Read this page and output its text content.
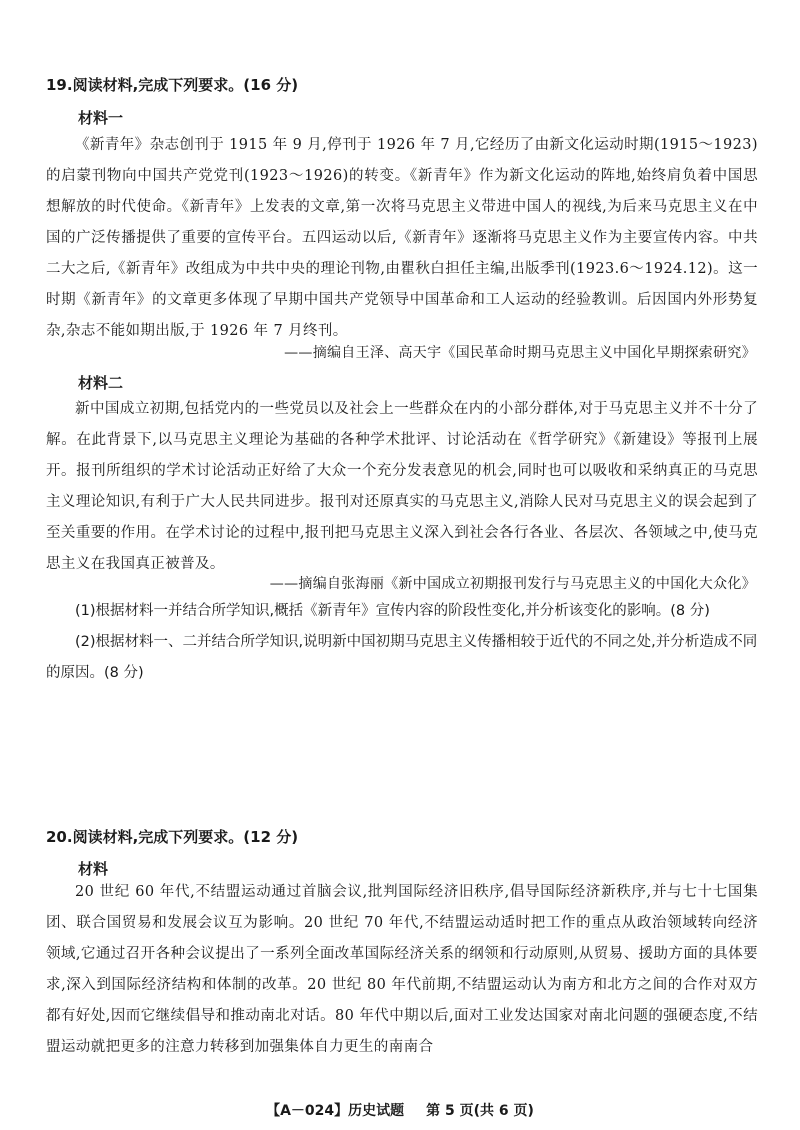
19.阅读材料,完成下列要求。(16 分)
材料一
《新青年》杂志创刊于 1915 年 9 月,停刊于 1926 年 7 月,它经历了由新文化运动时期(1915～1923)的启蒙刊物向中国共产党党刊(1923～1926)的转变。《新青年》作为新文化运动的阵地,始终肩负着中国思想解放的时代使命。《新青年》上发表的文章,第一次将马克思主义带进中国人的视线,为后来马克思主义在中国的广泛传播提供了重要的宣传平台。五四运动以后,《新青年》逐渐将马克思主义作为主要宣传内容。中共二大之后,《新青年》改组成为中共中央的理论刊物,由瞿秋白担任主编,出版季刊(1923.6～1924.12)。这一时期《新青年》的文章更多体现了早期中国共产党领导中国革命和工人运动的经验教训。后因国内外形势复杂,杂志不能如期出版,于 1926 年 7 月终刊。
——摘编自王泽、高天宇《国民革命时期马克思主义中国化早期探索研究》
材料二
新中国成立初期,包括党内的一些党员以及社会上一些群众在内的小部分群体,对于马克思主义并不十分了解。在此背景下,以马克思主义理论为基础的各种学术批评、讨论活动在《哲学研究》《新建设》等报刊上展开。报刊所组织的学术讨论活动正好给了大众一个充分发表意见的机会,同时也可以吸收和采纳真正的马克思主义理论知识,有利于广大人民共同进步。报刊对还原真实的马克思主义,消除人民对马克思主义的误会起到了至关重要的作用。在学术讨论的过程中,报刊把马克思主义深入到社会各行各业、各层次、各领域之中,使马克思主义在我国真正被普及。
——摘编自张海丽《新中国成立初期报刊发行与马克思主义的中国化大众化》
(1)根据材料一并结合所学知识,概括《新青年》宣传内容的阶段性变化,并分析该变化的影响。(8 分)
(2)根据材料一、二并结合所学知识,说明新中国初期马克思主义传播相较于近代的不同之处,并分析造成不同的原因。(8 分)
20.阅读材料,完成下列要求。(12 分)
材料
20 世纪 60 年代,不结盟运动通过首脑会议,批判国际经济旧秩序,倡导国际经济新秩序,并与七十七国集团、联合国贸易和发展会议互为影响。20 世纪 70 年代,不结盟运动适时把工作的重点从政治领域转向经济领域,它通过召开各种会议提出了一系列全面改革国际经济关系的纲领和行动原则,从贸易、援助方面的具体要求,深入到国际经济结构和体制的改革。20 世纪 80 年代前期,不结盟运动认为南方和北方之间的合作对双方都有好处,因而它继续倡导和推动南北对话。80 年代中期以后,面对工业发达国家对南北问题的强硬态度,不结盟运动就把更多的注意力转移到加强集体自力更生的南南合
【A－024】历史试题 第 5 页(共 6 页)
